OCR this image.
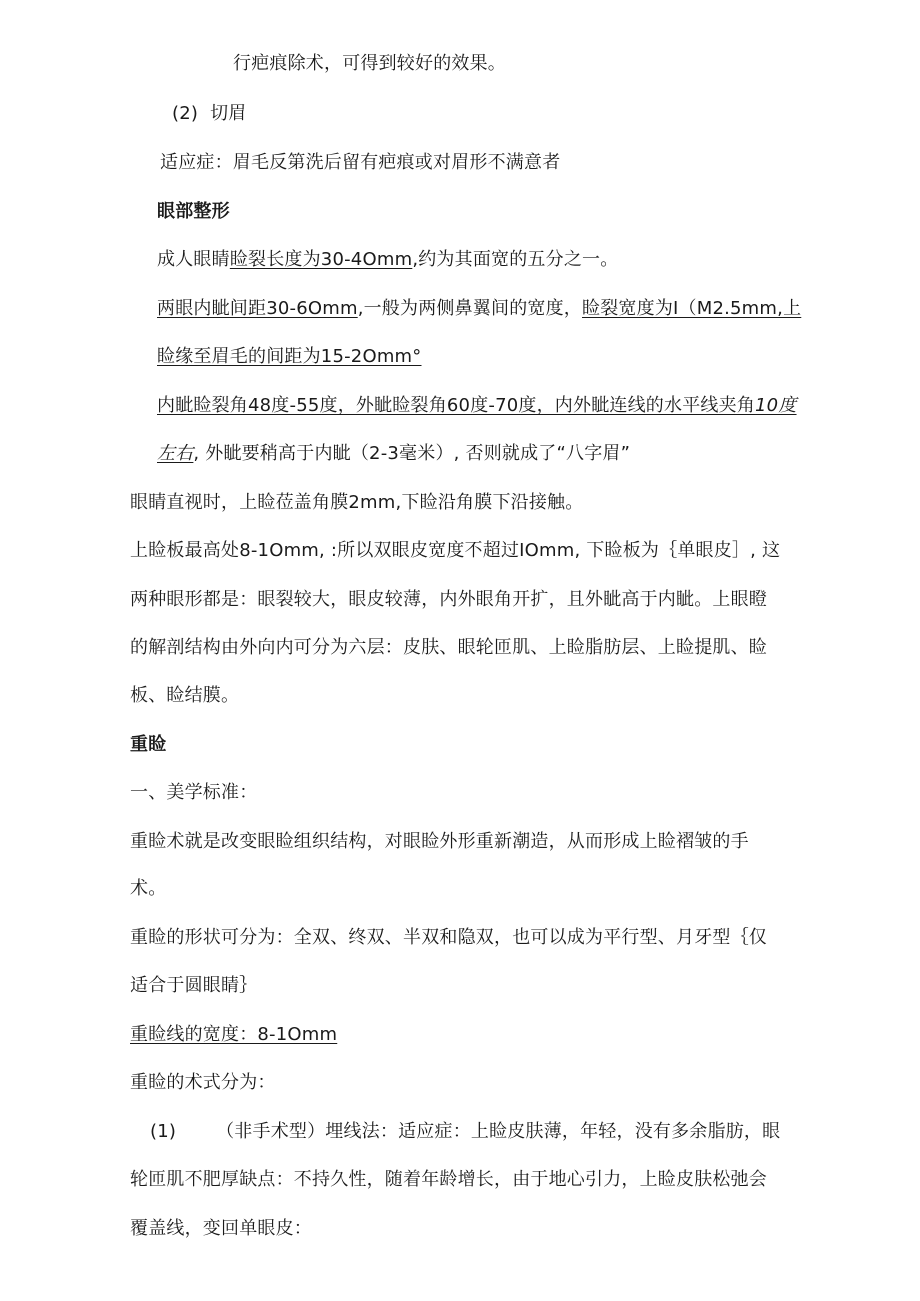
行疤痕除术，可得到较好的效果。
(2) 切眉
适应症：眉毛反第洗后留有疤痕或对眉形不满意者
眼部整形
成人眼睛睑裂长度为30-4Omm,约为其面宽的五分之一。
两眼内眦间距30-6Omm,一般为两侧鼻翼间的宽度，睑裂宽度为I（M2.5mm,上
睑缘至眉毛的间距为15-2Omm°
内眦睑裂角48度-55度，外眦睑裂角60度-70度，内外眦连线的水平线夹角10度
左右, 外眦要稍高于内眦（2-3毫米）, 否则就成了“八字眉”
眼睛直视时，上睑莅盖角膜2mm,下睑沿角膜下沿接触。
上睑板最高处8-1Omm, :所以双眼皮宽度不超过IOmm, 下睑板为｛单眼皮］, 这
两种眼形都是：眼裂较大，眼皮较薄，内外眼角开扩，且外眦高于内眦。上眼瞪
的解剖结构由外向内可分为六层：皮肤、眼轮匝肌、上睑脂肪层、上睑提肌、睑
板、睑结膜。
重睑
一、美学标准：
重睑术就是改变眼睑组织结构，对眼睑外形重新潮造，从而形成上睑褶皱的手
术。
重睑的形状可分为：全双、终双、半双和隐双，也可以成为平行型、月牙型｛仅
适合于圆眼睛｝
重睑线的宽度：8-1Omm
重睑的术式分为：
(1) （非手术型）埋线法：适应症：上睑皮肤薄，年轻，没有多余脂肪，眼
轮匝肌不肥厚缺点：不持久性，随着年龄增长，由于地心引力，上睑皮肤松弛会
覆盖线，变回单眼皮：
